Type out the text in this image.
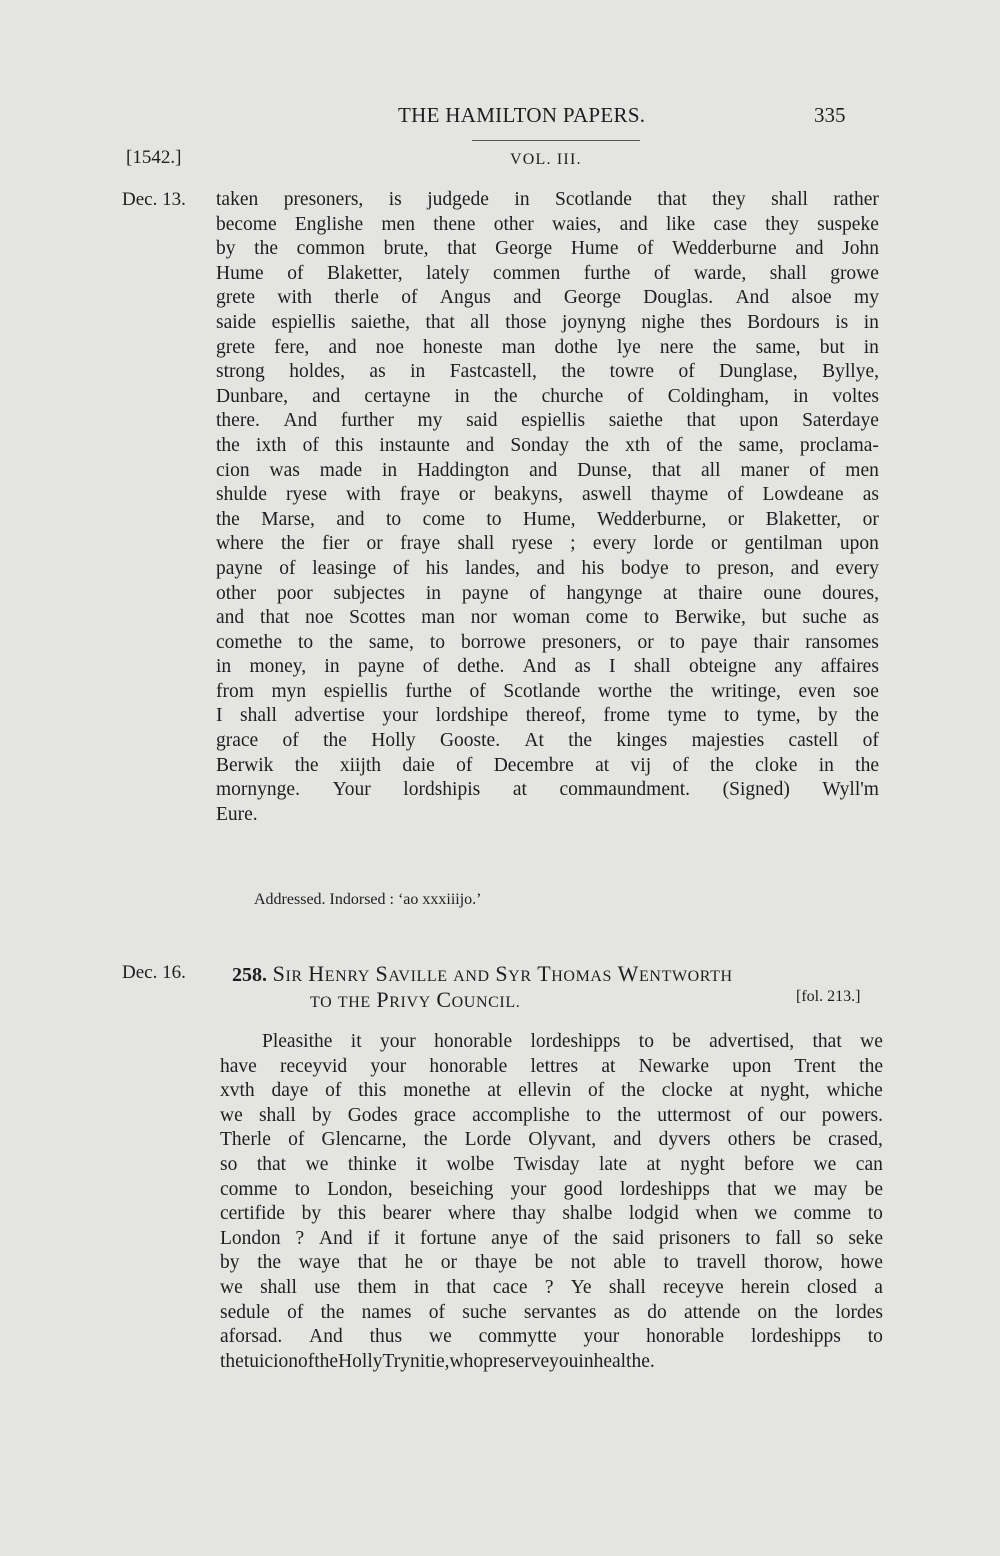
THE HAMILTON PAPERS.	335
[1542.]	VOL. III.
Dec. 13. taken presoners, is judgede in Scotlande that they shall rather
become Englishe men thene other waies, and like case they suspeke
by the common brute, that George Hume of Wedderburne and John
Hume of Blaketter, lately commen furthe of warde, shall growe
grete with therle of Angus and George Douglas. And alsoe my
saide espiellis saiethe, that all those joynyng nighe thes Bordours is in
grete fere, and noe honeste man dothe lye nere the same, but in
strong holdes, as in Fastcastell, the towre of Dunglase, Byllye,
Dunbare, and certayne in the churche of Coldingham, in voltes
there. And further my said espiellis saiethe that upon Saterdaye
the ixth of this instaunte and Sonday the xth of the same, proclama-
cion was made in Haddington and Dunse, that all maner of men
shulde ryese with fraye or beakyns, aswell thayme of Lowdeane as
the Marse, and to come to Hume, Wedderburne, or Blaketter, or
where the fier or fraye shall ryese ; every lorde or gentilman upon
payne of leasinge of his landes, and his bodye to preson, and every
other poor subjectes in payne of hangynge at thaire oune doures,
and that noe Scottes man nor woman come to Berwike, but suche as
comethe to the same, to borrowe presoners, or to paye thair ransomes
in money, in payne of dethe. And as I shall obteigne any affaires
from myn espiellis furthe of Scotlande worthe the writinge, even soe
I shall advertise your lordshipe thereof, frome tyme to tyme, by the
grace of the Holly Gooste. At the kinges majesties castell of
Berwik the xiijth daie of Decembre at vij of the cloke in the
mornynge. Your lordshipis at commaundment. (Signed) Wyll'm
Eure.
Addressed. Indorsed : ‘ao xxxiiijo.’
Dec. 16. 258. SIR HENRY SAVILLE AND SYR THOMAS WENTWORTH
TO THE PRIVY COUNCIL.	[fol. 213.]
Pleasithe it your honorable lordeshipps to be advertised, that we
have receyvid your honorable lettres at Newarke upon Trent the
xvth daye of this monethe at ellevin of the clocke at nyght, whiche
we shall by Godes grace accomplishe to the uttermost of our powers.
Therle of Glencarne, the Lorde Olyvant, and dyvers others be crased,
so that we thinke it wolbe Twisday late at nyght before we can
comme to London, beseiching your good lordeshipps that we may be
certifide by this bearer where thay shalbe lodgid when we comme to
London ? And if it fortune anye of the said prisoners to fall so seke
by the waye that he or thaye be not able to travell thorow, howe
we shall use them in that cace ? Ye shall receyve herein closed a
sedule of the names of suche servantes as do attende on the lordes
aforsad. And thus we commytte your honorable lordeshipps to
the tuicion of the Holly Trynitie, who preserve you in healthe.
